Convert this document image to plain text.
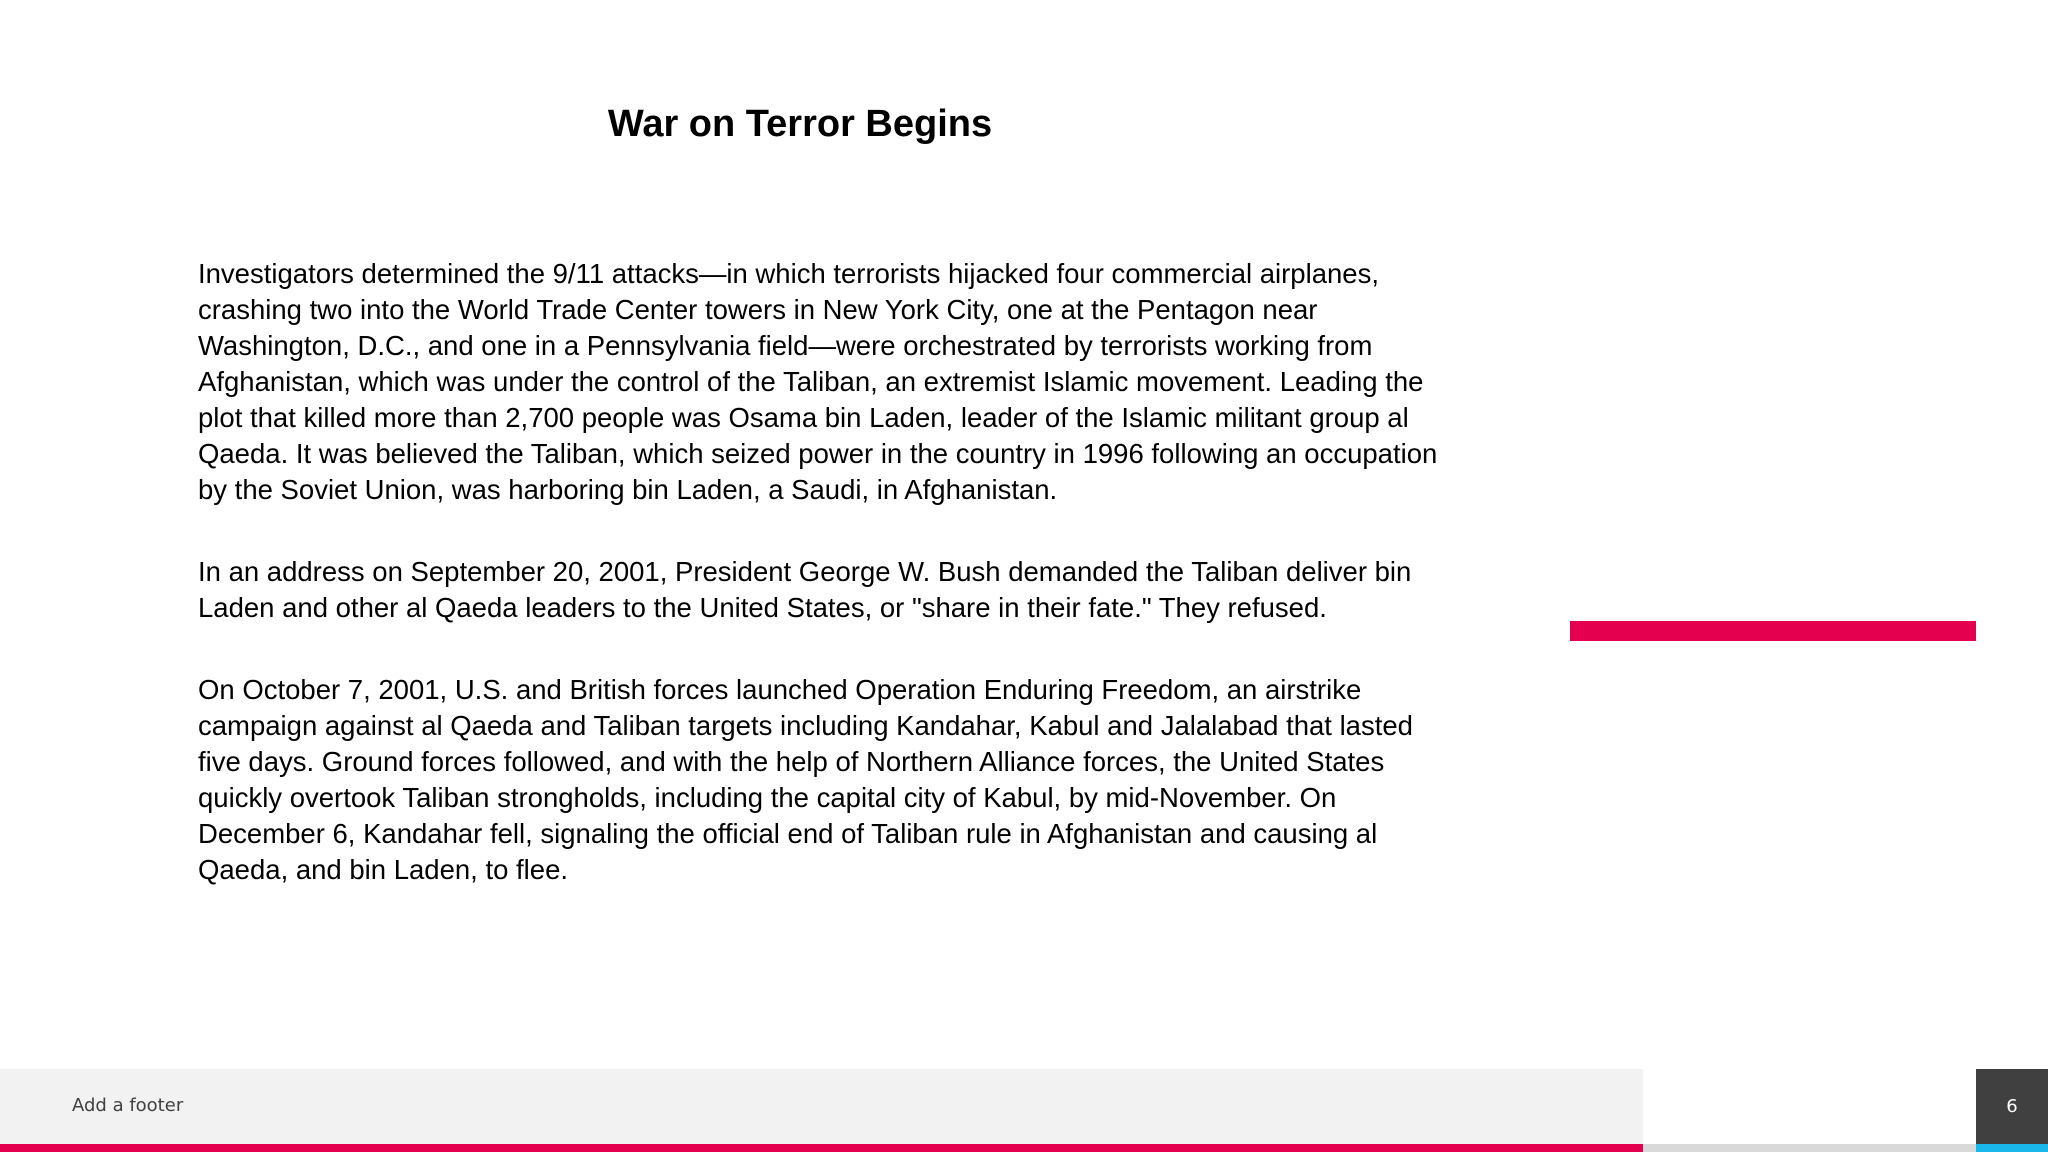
War on Terror Begins

Investigators determined the 9/11 attacks—in which terrorists hijacked four commercial airplanes, crashing two into the World Trade Center towers in New York City, one at the Pentagon near Washington, D.C., and one in a Pennsylvania field—were orchestrated by terrorists working from Afghanistan, which was under the control of the Taliban, an extremist Islamic movement. Leading the plot that killed more than 2,700 people was Osama bin Laden, leader of the Islamic militant group al Qaeda. It was believed the Taliban, which seized power in the country in 1996 following an occupation by the Soviet Union, was harboring bin Laden, a Saudi, in Afghanistan.

In an address on September 20, 2001, President George W. Bush demanded the Taliban deliver bin Laden and other al Qaeda leaders to the United States, or "share in their fate." They refused.

On October 7, 2001, U.S. and British forces launched Operation Enduring Freedom, an airstrike campaign against al Qaeda and Taliban targets including Kandahar, Kabul and Jalalabad that lasted five days. Ground forces followed, and with the help of Northern Alliance forces, the United States quickly overtook Taliban strongholds, including the capital city of Kabul, by mid-November. On December 6, Kandahar fell, signaling the official end of Taliban rule in Afghanistan and causing al Qaeda, and bin Laden, to flee.

Add a footer	6
